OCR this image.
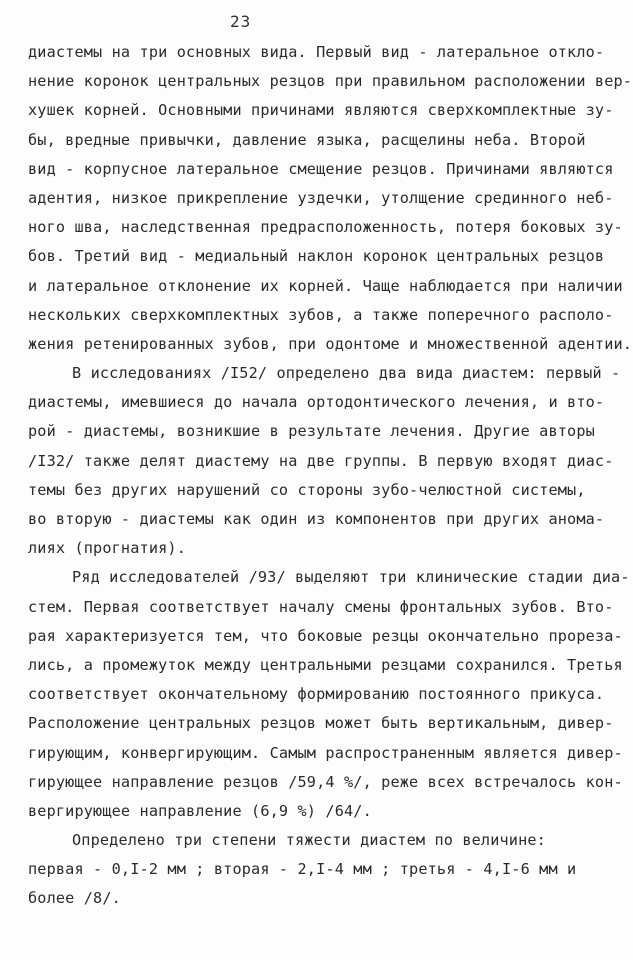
23
диастемы на три основных вида. Первый вид - латеральное откло-
нение коронок центральных резцов при правильном расположении вер-
хушек корней. Основными причинами являются сверхкомплектные зу-
бы, вредные привычки, давление языка, расщелины неба. Второй
вид - корпусное латеральное смещение резцов. Причинами являются
адентия, низкое прикрепление уздечки, утолщение срединного неб-
ного шва, наследственная предрасположенность, потеря боковых зу-
бов. Третий вид - медиальный наклон коронок центральных резцов
и латеральное отклонение их корней. Чаще наблюдается при наличии
нескольких сверхкомплектных зубов, а также поперечного располо-
жения ретенированных зубов, при одонтоме и множественной адентии.
В исследованиях /I52/ определено два вида диастем: первый -
диастемы, имевшиеся до начала ортодонтического лечения, и вто-
рой - диастемы, возникшие в результате лечения. Другие авторы
/I32/ также делят диастему на две группы. В первую входят диас-
темы без других нарушений со стороны зубо-челюстной системы,
во вторую - диастемы как один из компонентов при других анома-
лиях (прогнатия).
Ряд исследователей /93/ выделяют три клинические стадии диа-
стем. Первая соответствует началу смены фронтальных зубов. Вто-
рая характеризуется тем, что боковые резцы окончательно прореза-
лись, а промежуток между центральными резцами сохранился. Третья
соответствует окончательному формированию постоянного прикуса.
Расположение центральных резцов может быть вертикальным, дивер-
гирующим, конвергирующим. Самым распространенным является дивер-
гирующее направление резцов /59,4 %/, реже всех встречалось кон-
вергирующее направление (6,9 %) /64/.
Определено три степени тяжести диастем по величине:
первая - 0,I-2 мм ; вторая - 2,I-4 мм ; третья - 4,I-6 мм и
более /8/.
